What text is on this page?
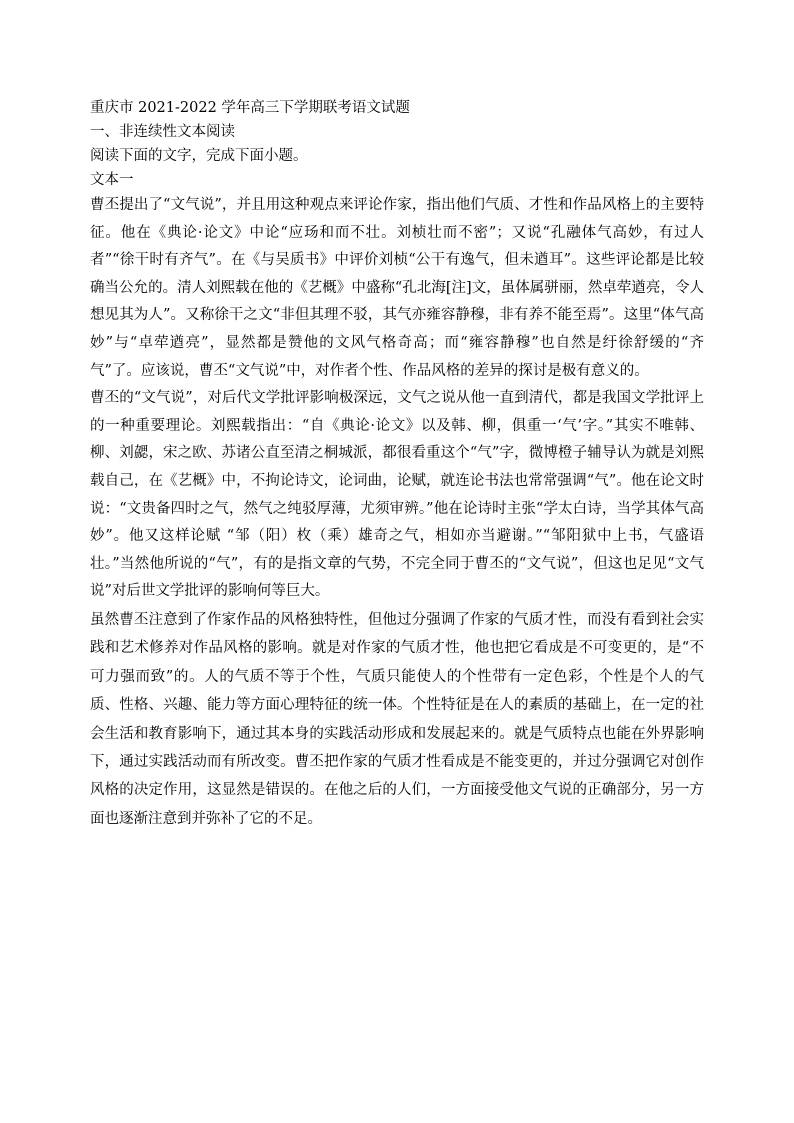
重庆市 2021-2022 学年高三下学期联考语文试题
一、非连续性文本阅读
阅读下面的文字，完成下面小题。
文本一

曹丕提出了“文气说”，并且用这种观点来评论作家，指出他们气质、才性和作品风格上的主要特征。他在《典论·论文》中论“应玚和而不壮。刘桢壮而不密”；又说“孔融体气高妙，有过人者”“徐干时有齐气”。在《与吴质书》中评价刘桢“公干有逸气，但未遒耳”。这些评论都是比较确当公允的。清人刘熙载在他的《艺概》中盛称“孔北海[注]文，虽体属骈丽，然卓荦遒亮，令人想见其为人”。又称徐干之文“非但其理不驳，其气亦雍容静穆，非有养不能至焉”。这里“体气高妙”与“卓荦遒亮”，显然都是赞他的文风气格奇高；而“雍容静穆”也自然是纡徐舒缓的“齐气”了。应该说，曹丕“文气说”中，对作者个性、作品风格的差异的探讨是极有意义的。

曹丕的“文气说”，对后代文学批评影响极深远，文气之说从他一直到清代，都是我国文学批评上的一种重要理论。刘熙载指出：“自《典论·论文》以及韩、柳，俱重一‘气’字。”其实不唯韩、柳、刘勰，宋之欧、苏诸公直至清之桐城派，都很看重这个“气”字，微博橙子辅导认为就是刘熙载自己，在《艺概》中，不拘论诗文，论词曲，论赋，就连论书法也常常强调“气”。他在论文时说：“文贵备四时之气，然气之纯驳厚薄，尤须审辨。”他在论诗时主张“学太白诗，当学其体气高妙”。他又这样论赋 “邹（阳）枚（乘）雄奇之气，相如亦当避谢。”“邹阳狱中上书，气盛语壮。”当然他所说的“气”，有的是指文章的气势，不完全同于曹丕的“文气说”，但这也足见“文气说”对后世文学批评的影响何等巨大。

虽然曹丕注意到了作家作品的风格独特性，但他过分强调了作家的气质才性，而没有看到社会实践和艺术修养对作品风格的影响。就是对作家的气质才性，他也把它看成是不可变更的，是“不可力强而致”的。人的气质不等于个性，气质只能使人的个性带有一定色彩，个性是个人的气质、性格、兴趣、能力等方面心理特征的统一体。个性特征是在人的素质的基础上，在一定的社会生活和教育影响下，通过其本身的实践活动形成和发展起来的。就是气质特点也能在外界影响下，通过实践活动而有所改变。曹丕把作家的气质才性看成是不能变更的，并过分强调它对创作风格的决定作用，这显然是错误的。在他之后的人们，一方面接受他文气说的正确部分，另一方面也逐渐注意到并弥补了它的不足。
